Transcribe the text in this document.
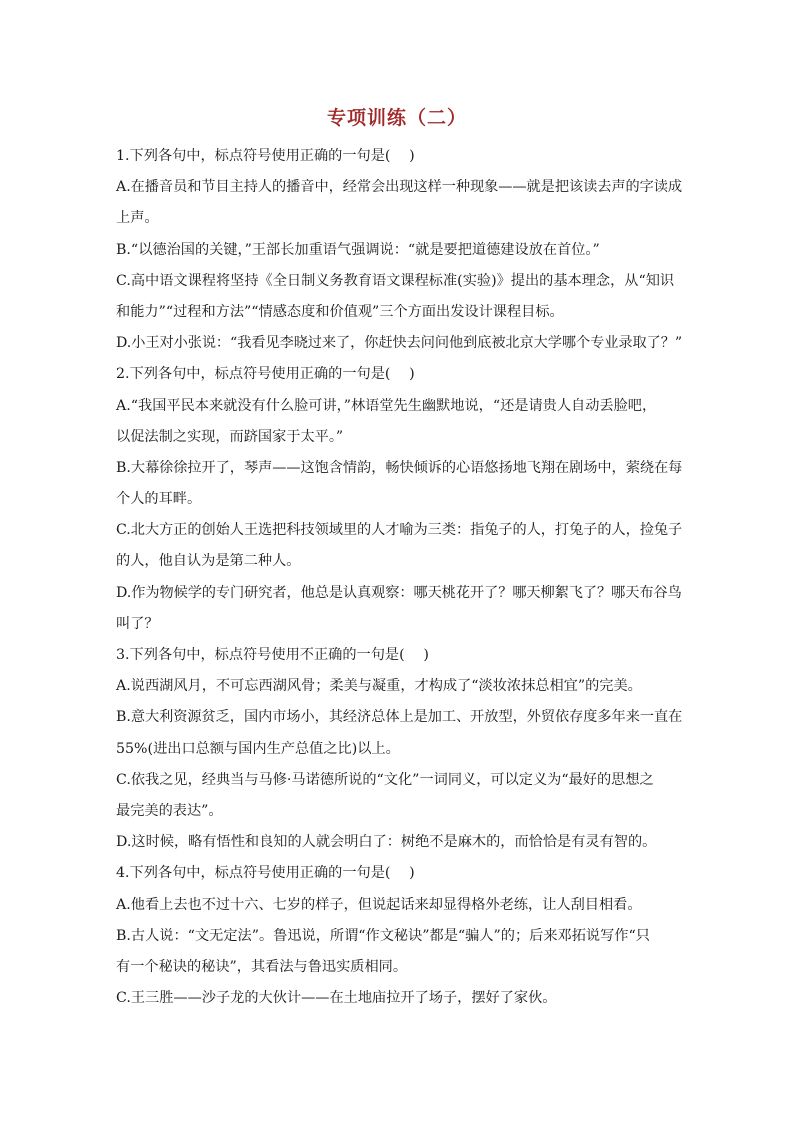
专项训练（二）
1.下列各句中，标点符号使用正确的一句是(　 )
A.在播音员和节目主持人的播音中，经常会出现这样一种现象——就是把该读去声的字读成
上声。
B.“以德治国的关键，”王部长加重语气强调说：“就是要把道德建设放在首位。”
C.高中语文课程将坚持《全日制义务教育语文课程标准(实验)》提出的基本理念，从“知识
和能力”“过程和方法”“情感态度和价值观”三个方面出发设计课程目标。
D.小王对小张说：“我看见李晓过来了，你赶快去问问他到底被北京大学哪个专业录取了？”
2.下列各句中，标点符号使用正确的一句是(　 )
A.“我国平民本来就没有什么脸可讲，”林语堂先生幽默地说，“还是请贵人自动丢脸吧，
以促法制之实现，而跻国家于太平。”
B.大幕徐徐拉开了，琴声——这饱含情韵，畅快倾诉的心语悠扬地飞翔在剧场中，萦绕在每
个人的耳畔。
C.北大方正的创始人王选把科技领域里的人才喻为三类：指兔子的人，打兔子的人，捡兔子
的人，他自认为是第二种人。
D.作为物候学的专门研究者，他总是认真观察：哪天桃花开了？哪天柳絮飞了？哪天布谷鸟
叫了？
3.下列各句中，标点符号使用不正确的一句是(　 )
A.说西湖风月，不可忘西湖风骨；柔美与凝重，才构成了“淡妆浓抹总相宜”的完美。
B.意大利资源贫乏，国内市场小，其经济总体上是加工、开放型，外贸依存度多年来一直在
55%(进出口总额与国内生产总值之比)以上。
C.依我之见，经典当与马修·马诺德所说的“文化”一词同义，可以定义为“最好的思想之
最完美的表达”。
D.这时候，略有悟性和良知的人就会明白了：树绝不是麻木的，而恰恰是有灵有智的。
4.下列各句中，标点符号使用正确的一句是(　 )
A.他看上去也不过十六、七岁的样子，但说起话来却显得格外老练，让人刮目相看。
B.古人说：“文无定法”。鲁迅说，所谓“作文秘诀”都是“骗人”的；后来邓拓说写作“只
有一个秘诀的秘诀”，其看法与鲁迅实质相同。
C.王三胜——沙子龙的大伙计——在土地庙拉开了场子，摆好了家伙。
